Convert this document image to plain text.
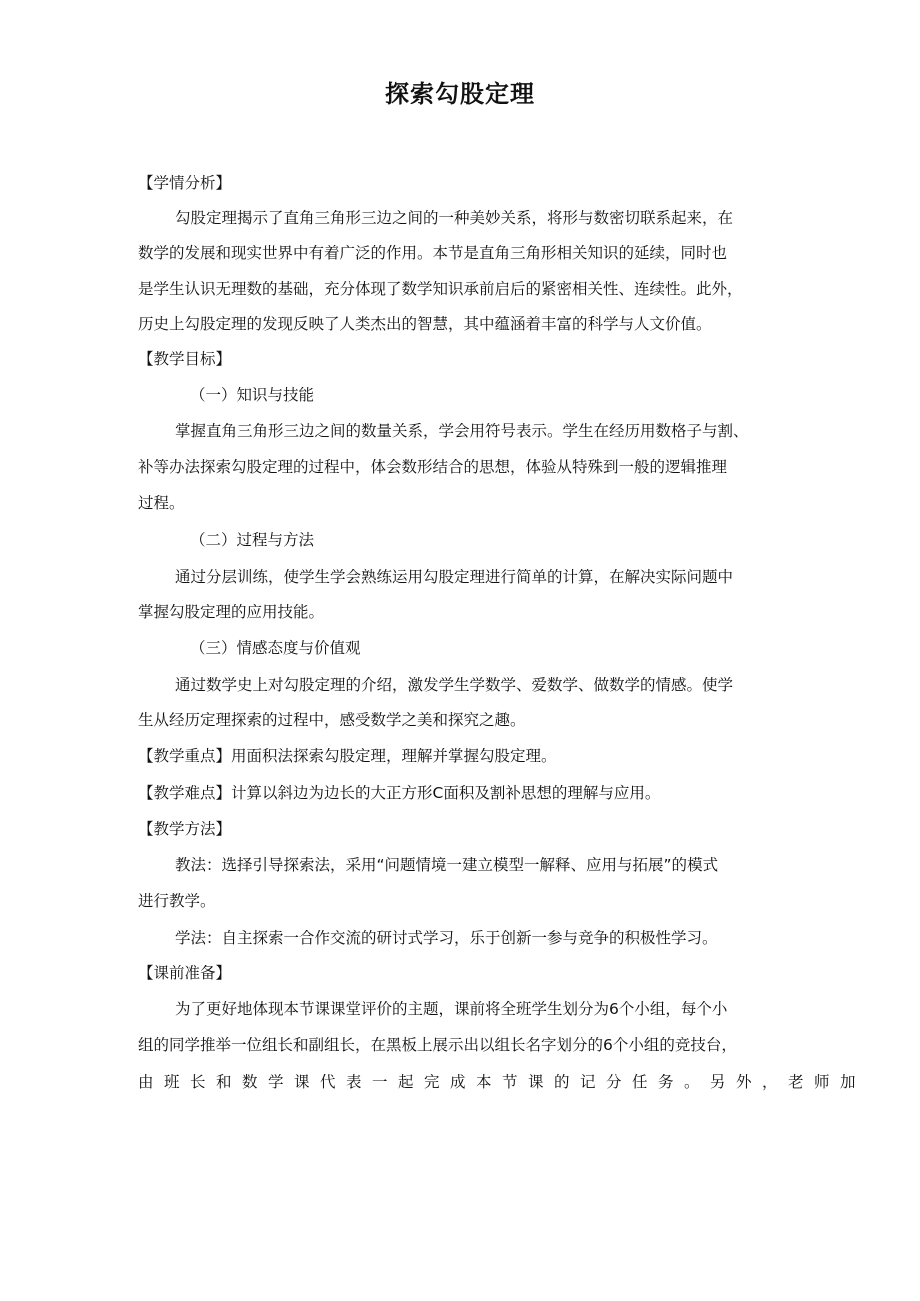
探索勾股定理
【学情分析】
勾股定理揭示了直角三角形三边之间的一种美妙关系，将形与数密切联系起来，在
数学的发展和现实世界中有着广泛的作用。本节是直角三角形相关知识的延续，同时也
是学生认识无理数的基础，充分体现了数学知识承前启后的紧密相关性、连续性。此外，
历史上勾股定理的发现反映了人类杰出的智慧，其中蕴涵着丰富的科学与人文价值。
【教学目标】
（一）知识与技能
掌握直角三角形三边之间的数量关系，学会用符号表示。学生在经历用数格子与割、
补等办法探索勾股定理的过程中，体会数形结合的思想，体验从特殊到一般的逻辑推理
过程。
（二）过程与方法
通过分层训练，使学生学会熟练运用勾股定理进行简单的计算，在解决实际问题中
掌握勾股定理的应用技能。
（三）情感态度与价值观
通过数学史上对勾股定理的介绍，激发学生学数学、爱数学、做数学的情感。使学
生从经历定理探索的过程中，感受数学之美和探究之趣。
【教学重点】用面积法探索勾股定理，理解并掌握勾股定理。
【教学难点】计算以斜边为边长的大正方形C面积及割补思想的理解与应用。
【教学方法】
教法：选择引导探索法，采用“问题情境一建立模型一解释、应用与拓展”的模式
进行教学。
学法：自主探索一合作交流的研讨式学习，乐于创新一参与竞争的积极性学习。
【课前准备】
为了更好地体现本节课课堂评价的主题，课前将全班学生划分为6个小组，每个小
组的同学推举一位组长和副组长，在黑板上展示出以组长名字划分的6个小组的竞技台，
由班长和数学课代表一起完成本节课的记分任务。另外，老师加
